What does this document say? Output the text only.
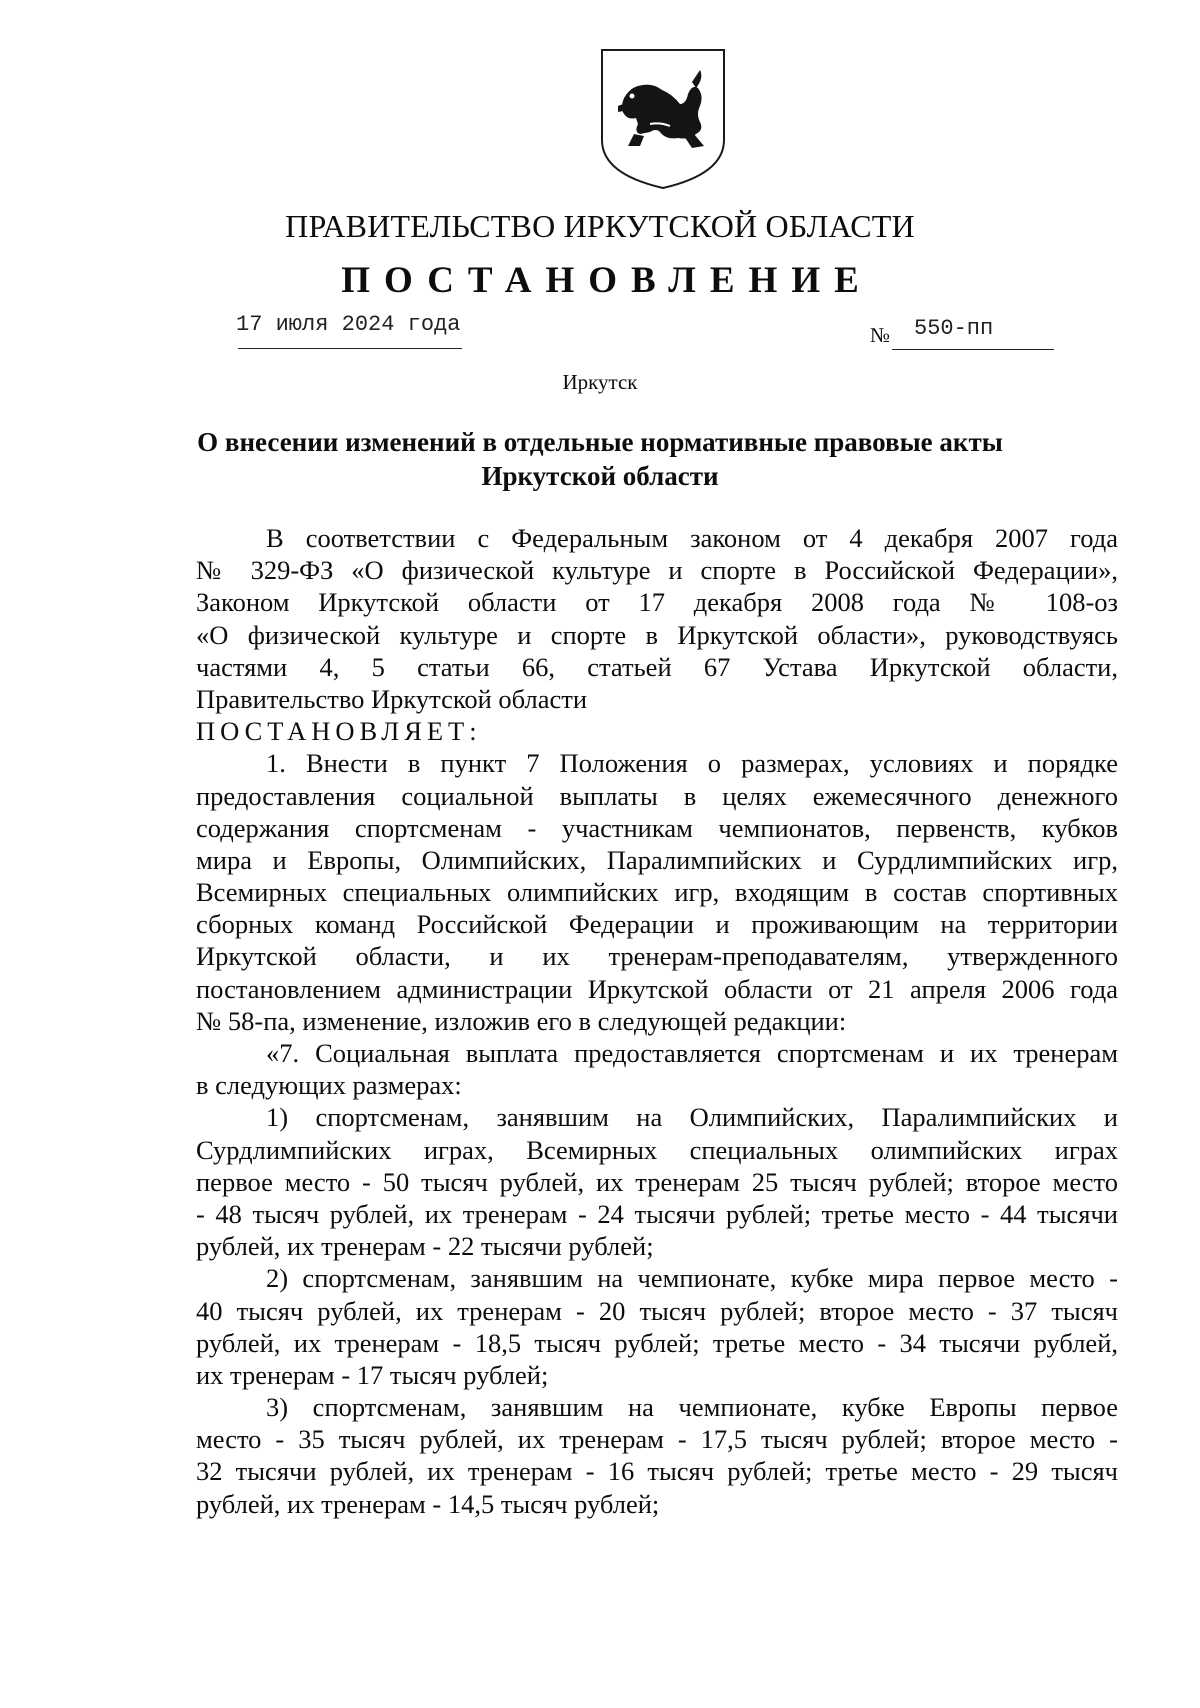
ПРАВИТЕЛЬСТВО ИРКУТСКОЙ ОБЛАСТИ
ПОСТАНОВЛЕНИЕ
17 июля 2024 года	№ 550-пп
Иркутск
О внесении изменений в отдельные нормативные правовые акты
Иркутской области
В соответствии с Федеральным законом от 4 декабря 2007 года
№ 329-ФЗ «О физической культуре и спорте в Российской Федерации»,
Законом Иркутской области от 17 декабря 2008 года № 108-оз
«О физической культуре и спорте в Иркутской области», руководствуясь
частями 4, 5 статьи 66, статьей 67 Устава Иркутской области,
Правительство Иркутской области
ПОСТАНОВЛЯЕТ:
1. Внести в пункт 7 Положения о размерах, условиях и порядке
предоставления социальной выплаты в целях ежемесячного денежного
содержания спортсменам - участникам чемпионатов, первенств, кубков
мира и Европы, Олимпийских, Паралимпийских и Сурдлимпийских игр,
Всемирных специальных олимпийских игр, входящим в состав спортивных
сборных команд Российской Федерации и проживающим на территории
Иркутской области, и их тренерам-преподавателям, утвержденного
постановлением администрации Иркутской области от 21 апреля 2006 года
№ 58-па, изменение, изложив его в следующей редакции:
«7. Социальная выплата предоставляется спортсменам и их тренерам
в следующих размерах:
1) спортсменам, занявшим на Олимпийских, Паралимпийских и
Сурдлимпийских играх, Всемирных специальных олимпийских играх
первое место - 50 тысяч рублей, их тренерам 25 тысяч рублей; второе место
- 48 тысяч рублей, их тренерам - 24 тысячи рублей; третье место - 44 тысячи
рублей, их тренерам - 22 тысячи рублей;
2) спортсменам, занявшим на чемпионате, кубке мира первое место -
40 тысяч рублей, их тренерам - 20 тысяч рублей; второе место - 37 тысяч
рублей, их тренерам - 18,5 тысяч рублей; третье место - 34 тысячи рублей,
их тренерам - 17 тысяч рублей;
3) спортсменам, занявшим на чемпионате, кубке Европы первое
место - 35 тысяч рублей, их тренерам - 17,5 тысяч рублей; второе место -
32 тысячи рублей, их тренерам - 16 тысяч рублей; третье место - 29 тысяч
рублей, их тренерам - 14,5 тысяч рублей;
